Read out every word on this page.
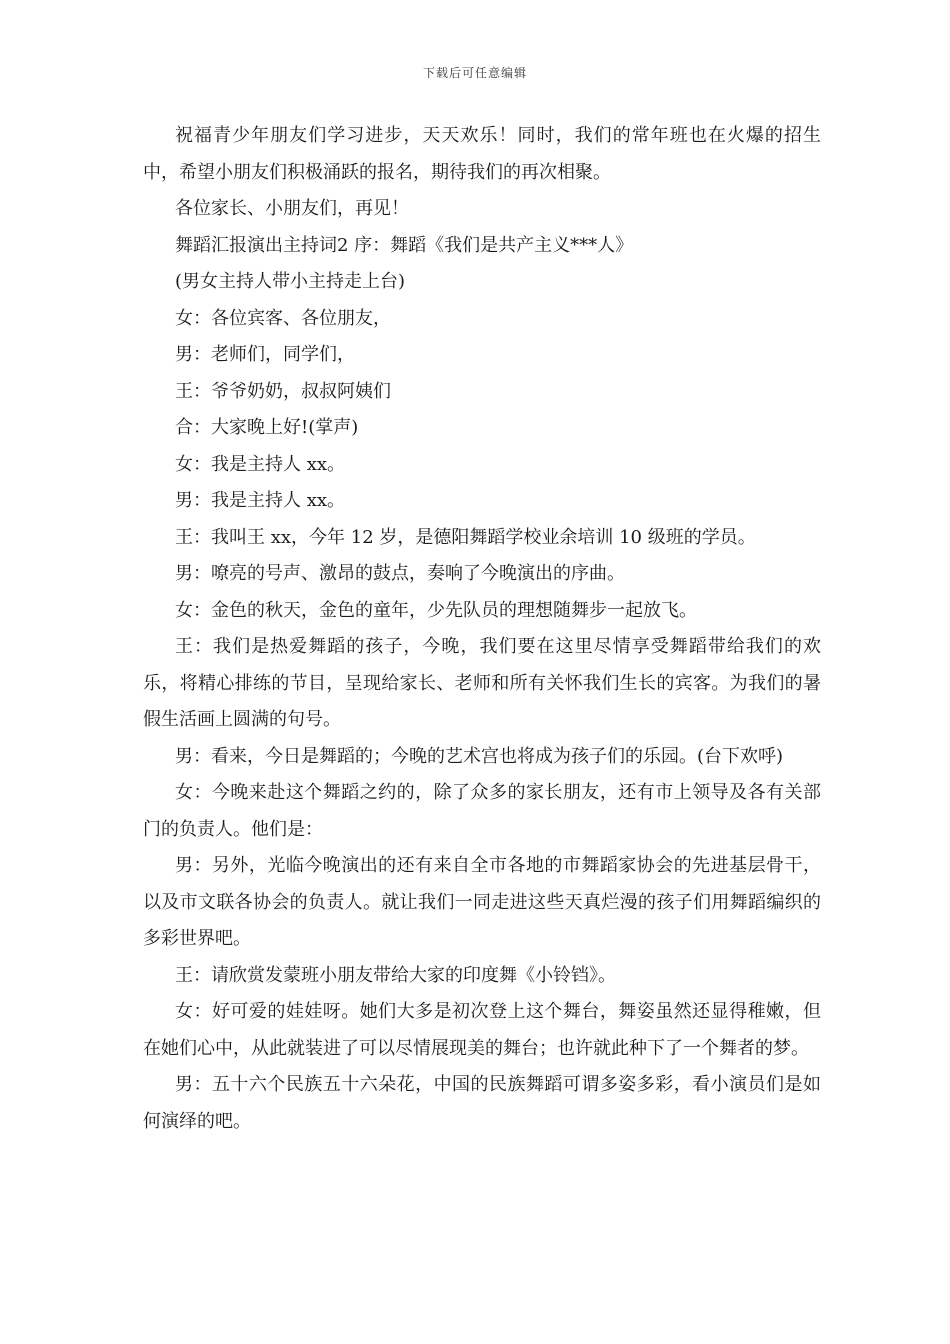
下载后可任意编辑

祝福青少年朋友们学习进步，天天欢乐！同时，我们的常年班也在火爆的招生中，希望小朋友们积极涌跃的报名，期待我们的再次相聚。

各位家长、小朋友们，再见！

舞蹈汇报演出主持词2 序：舞蹈《我们是共产主义***人》

(男女主持人带小主持走上台)

女：各位宾客、各位朋友，

男：老师们，同学们，

王：爷爷奶奶，叔叔阿姨们

合：大家晚上好!(掌声)

女：我是主持人 xx。

男：我是主持人 xx。

王：我叫王 xx，今年 12 岁，是德阳舞蹈学校业余培训 10 级班的学员。

男：嘹亮的号声、激昂的鼓点，奏响了今晚演出的序曲。

女：金色的秋天，金色的童年，少先队员的理想随舞步一起放飞。

王：我们是热爱舞蹈的孩子，今晚，我们要在这里尽情享受舞蹈带给我们的欢乐，将精心排练的节目，呈现给家长、老师和所有关怀我们生长的宾客。为我们的暑假生活画上圆满的句号。

男：看来，今日是舞蹈的；今晚的艺术宫也将成为孩子们的乐园。(台下欢呼)

女：今晚来赴这个舞蹈之约的，除了众多的家长朋友，还有市上领导及各有关部门的负责人。他们是：

男：另外，光临今晚演出的还有来自全市各地的市舞蹈家协会的先进基层骨干，以及市文联各协会的负责人。就让我们一同走进这些天真烂漫的孩子们用舞蹈编织的多彩世界吧。

王：请欣赏发蒙班小朋友带给大家的印度舞《小铃铛》。

女：好可爱的娃娃呀。她们大多是初次登上这个舞台，舞姿虽然还显得稚嫩，但在她们心中，从此就装进了可以尽情展现美的舞台；也许就此种下了一个舞者的梦。

男：五十六个民族五十六朵花，中国的民族舞蹈可谓多姿多彩，看小演员们是如何演绎的吧。
